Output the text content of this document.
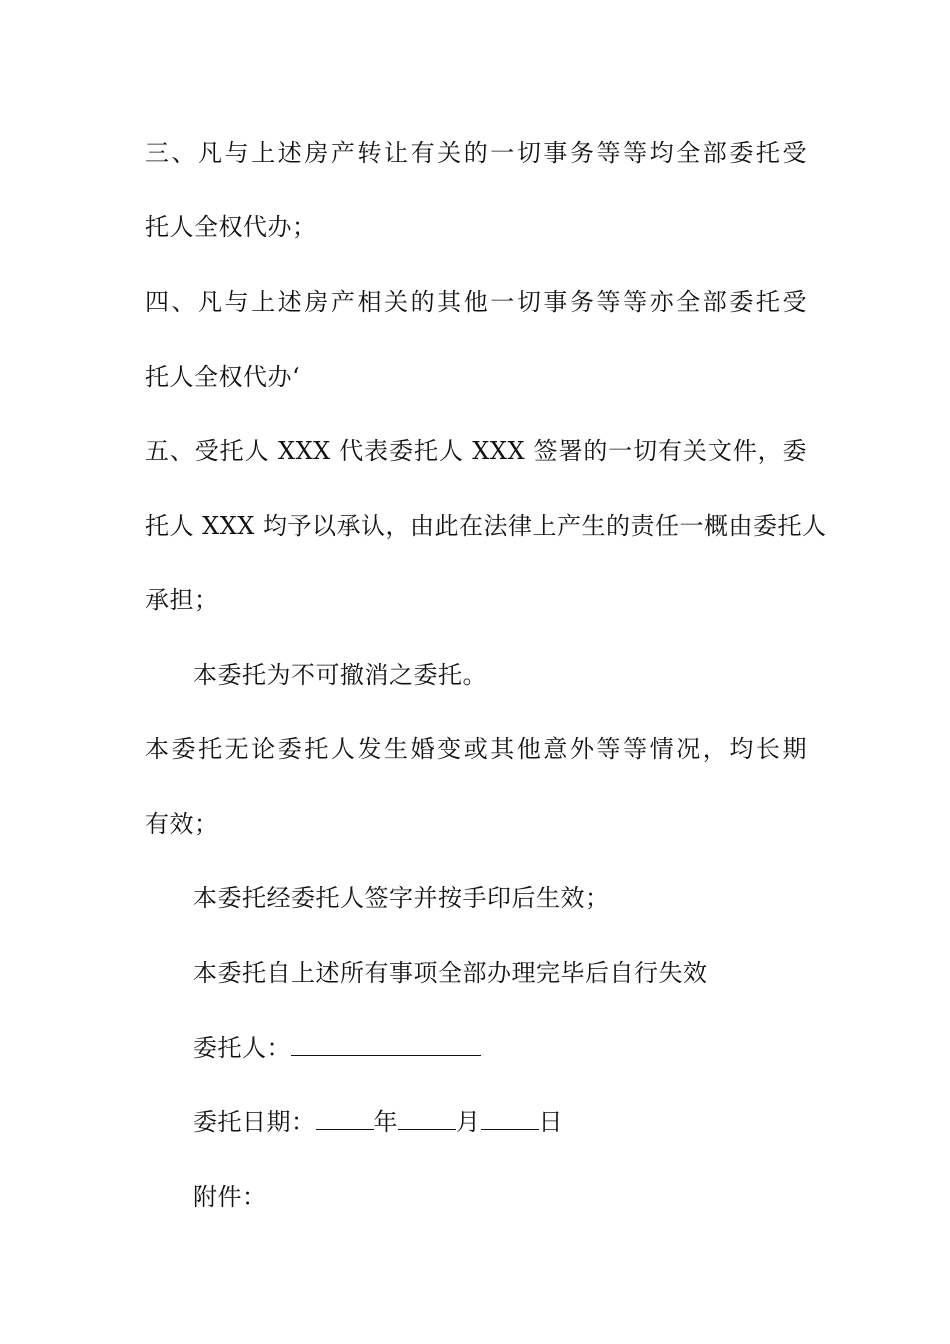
三、凡与上述房产转让有关的一切事务等等均全部委托受
托人全权代办；
四、凡与上述房产相关的其他一切事务等等亦全部委托受
托人全权代办‘
五、受托人 XXX 代表委托人 XXX 签署的一切有关文件，委
托人 XXX 均予以承认，由此在法律上产生的责任一概由委托人
承担；
本委托为不可撤消之委托。
本委托无论委托人发生婚变或其他意外等等情况，均长期
有效；
本委托经委托人签字并按手印后生效；
本委托自上述所有事项全部办理完毕后自行失效
委托人：
委托日期： 年 月 日
附件：
